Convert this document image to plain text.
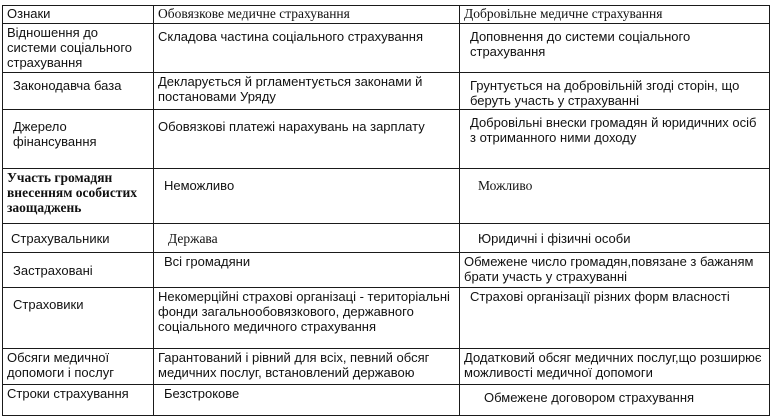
Ознаки	Обовязкове медичне страхування	Добровільне медичне страхування
Відношення до системи соціального страхування	Складова частина соціального страхування	Доповнення до системи соціального страхування
Законодавча база	Декларується й ргламентується законами й постановами Уряду	Грунтується на добровільній згоді сторін, що беруть участь у страхуванні
Джерело фінансування	Обовязкові платежі нарахувань на зарплату	Добровільні внески громадян й юридичних осіб з отриманного ними доходу
Участь громадян внесенням особистих заощаджень	Неможливо	Можливо
Страхувальники	Держава	Юридичні і фізичні особи
Застраховані	Всі громадяни	Обмежене число громадян,повязане з бажаням брати участь у страхуванні
Страховики	Некомерційні страхові організаці - територіальні фонди загальнообовязкового, державного соціального медичного страхування	Страхові організації різних форм власності
Обсяги медичної допомоги і послуг	Гарантований і рівний для всіх, певний обсяг медичних послуг, встановлений державою	Додатковий обсяг медичних послуг,що розширює можливості медичної допомоги
Строки страхування	Безстрокове	Обмежене договором страхування
